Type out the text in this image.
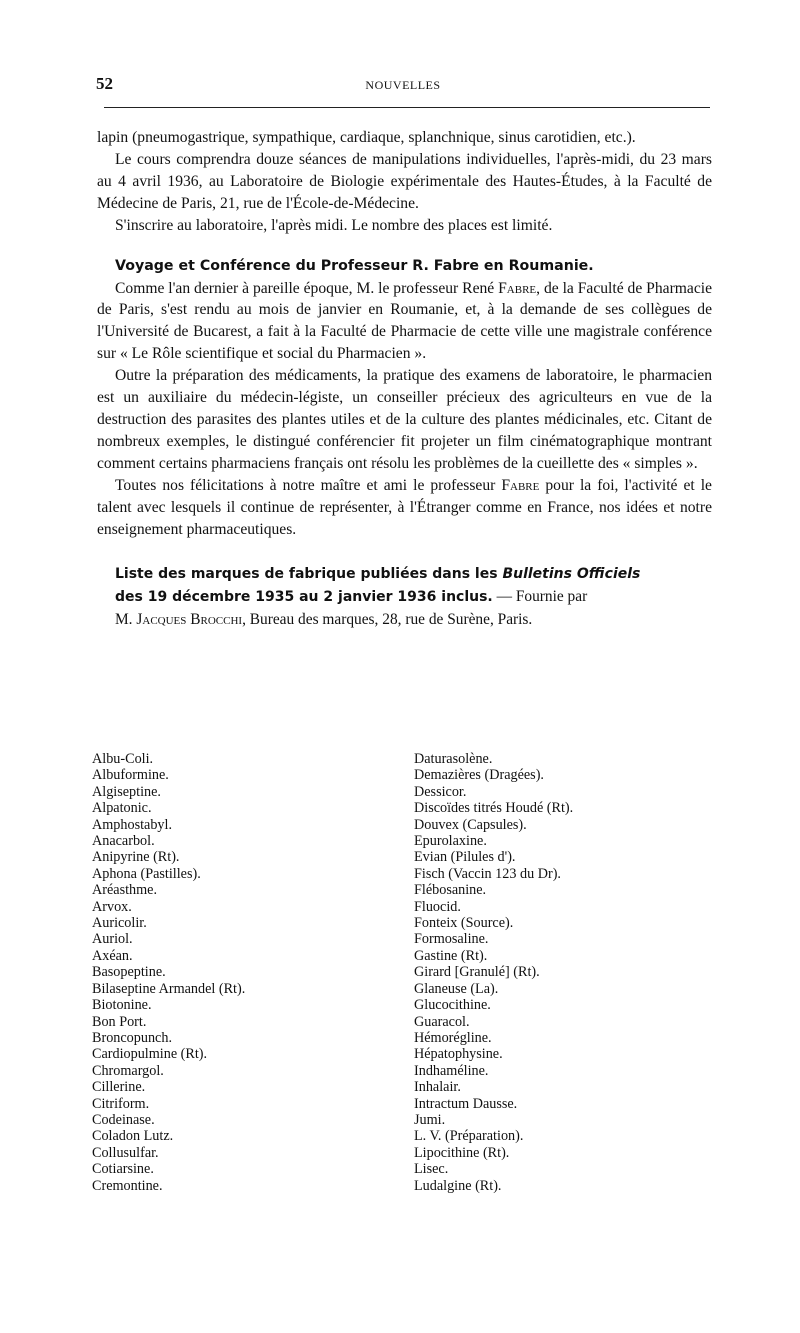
52	NOUVELLES

lapin (pneumogastrique, sympathique, cardiaque, splanchnique, sinus carotidien, etc.).

Le cours comprendra douze séances de manipulations individuelles, l'après-midi, du 23 mars au 4 avril 1936, au Laboratoire de Biologie expérimentale des Hautes-Études, à la Faculté de Médecine de Paris, 21, rue de l'École-de-Médecine.

S'inscrire au laboratoire, l'après midi. Le nombre des places est limité.

Voyage et Conférence du Professeur R. Fabre en Roumanie.

Comme l'an dernier à pareille époque, M. le professeur René Fabre, de la Faculté de Pharmacie de Paris, s'est rendu au mois de janvier en Roumanie, et, à la demande de ses collègues de l'Université de Bucarest, a fait à la Faculté de Pharmacie de cette ville une magistrale conférence sur « Le Rôle scientifique et social du Pharmacien ».

Outre la préparation des médicaments, la pratique des examens de laboratoire, le pharmacien est un auxiliaire du médecin-légiste, un conseiller précieux des agriculteurs en vue de la destruction des parasites des plantes utiles et de la culture des plantes médicinales, etc. Citant de nombreux exemples, le distingué conférencier fit projeter un film cinématographique montrant comment certains pharmaciens français ont résolu les problèmes de la cueillette des « simples ».

Toutes nos félicitations à notre maître et ami le professeur Fabre pour la foi, l'activité et le talent avec lesquels il continue de représenter, à l'Étranger comme en France, nos idées et notre enseignement pharmaceutiques.

Liste des marques de fabrique publiées dans les Bulletins Officiels

des 19 décembre 1935 au 2 janvier 1936 inclus. — Fournie par

M. Jacques Brocchi, Bureau des marques, 28, rue de Surène, Paris.

Albu-Coli.
Albuformine.
Algiseptine.
Alpatonic.
Amphostabyl.
Anacarbol.
Anipyrine (Rt).
Aphona (Pastilles).
Aréasthme.
Arvox.
Auricolir.
Auriol.
Axéan.
Basopeptine.
Bilaseptine Armandel (Rt).
Biotonine.
Bon Port.
Broncopunch.
Cardiopulmine (Rt).
Chromargol.
Cillerine.
Citriform.
Codeinase.
Coladon Lutz.
Collusulfar.
Cotiarsine.
Cremontine.
Daturasolène.
Demazières (Dragées).
Dessicor.
Discoïdes titrés Houdé (Rt).
Douvex (Capsules).
Epurolaxine.
Evian (Pilules d').
Fisch (Vaccin 123 du Dr).
Flébosanine.
Fluocid.
Fonteix (Source).
Formosaline.
Gastine (Rt).
Girard [Granulé] (Rt).
Glaneuse (La).
Glucocithine.
Guaracol.
Hémorégline.
Hépatophysine.
Indhaméline.
Inhalair.
Intractum Dausse.
Jumi.
L. V. (Préparation).
Lipocithine (Rt).
Lisec.
Ludalgine (Rt).
